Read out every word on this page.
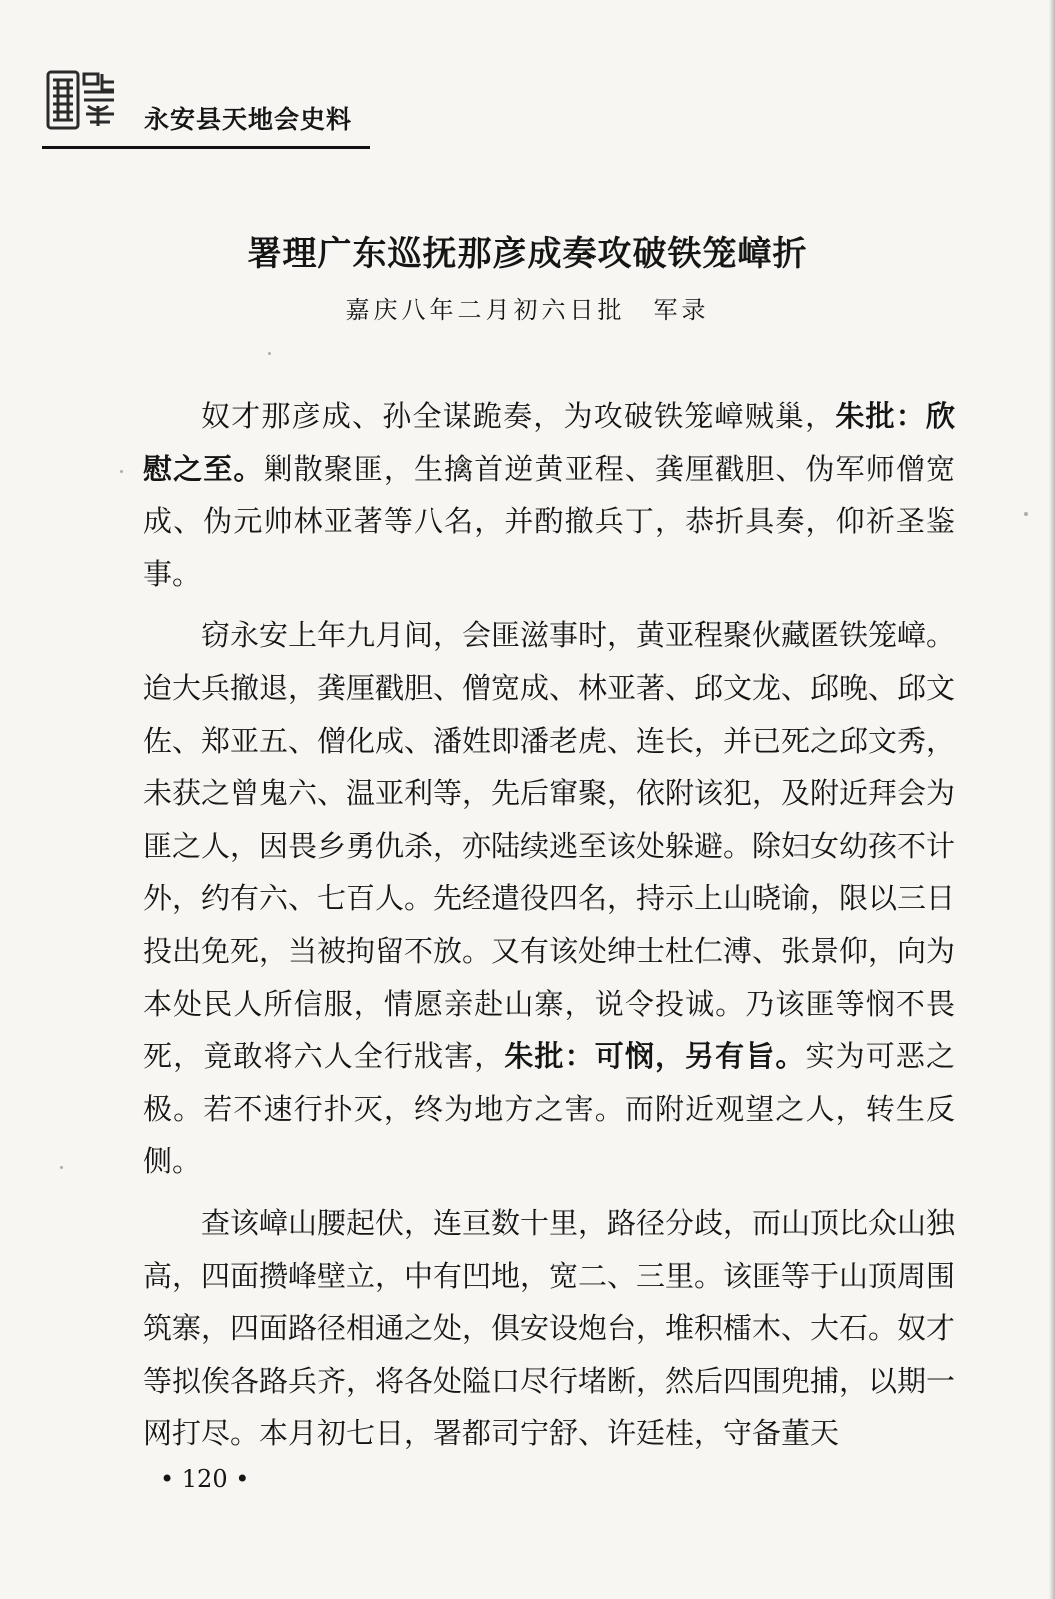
永安县天地会史料
署理广东巡抚那彦成奏攻破铁笼嶂折
嘉庆八年二月初六日批　军录

奴才那彦成、孙全谋跪奏，为攻破铁笼嶂贼巢，朱批：欣慰之至。剿散聚匪，生擒首逆黄亚程、龚厘戳胆、伪军师僧宽成、伪元帅林亚著等八名，并酌撤兵丁，恭折具奏，仰祈圣鉴事。

窃永安上年九月间，会匪滋事时，黄亚程聚伙藏匿铁笼嶂。迨大兵撤退，龚厘戳胆、僧宽成、林亚著、邱文龙、邱晚、邱文佐、郑亚五、僧化成、潘姓即潘老虎、连长，并已死之邱文秀，未获之曾鬼六、温亚利等，先后窜聚，依附该犯，及附近拜会为匪之人，因畏乡勇仇杀，亦陆续逃至该处躲避。除妇女幼孩不计外，约有六、七百人。先经遣役四名，持示上山晓谕，限以三日投出免死，当被拘留不放。又有该处绅士杜仁溥、张景仰，向为本处民人所信服，情愿亲赴山寨，说令投诚。乃该匪等悯不畏死，竟敢将六人全行戕害，朱批：可悯，另有旨。实为可恶之极。若不速行扑灭，终为地方之害。而附近观望之人，转生反侧。

查该嶂山腰起伏，连亘数十里，路径分歧，而山顶比众山独高，四面攒峰壁立，中有凹地，宽二、三里。该匪等于山顶周围筑寨，四面路径相通之处，俱安设炮台，堆积檑木、大石。奴才等拟俟各路兵齐，将各处隘口尽行堵断，然后四围兜捕，以期一网打尽。本月初七日，署都司宁舒、许廷桂，守备董天

• 120 •
